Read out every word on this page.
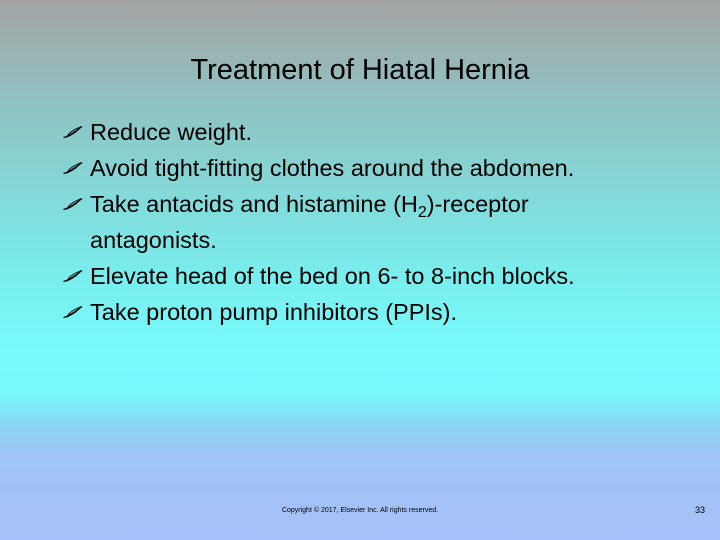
Treatment of Hiatal Hernia
Reduce weight.
Avoid tight-fitting clothes around the abdomen.
Take antacids and histamine $(H_2)$-receptor
antagonists.
Elevate head of the bed on 6- to 8-inch blocks.
Take proton pump inhibitors (PPIs).
Copyright © 2017, Elsevier Inc. All rights reserved.	33
